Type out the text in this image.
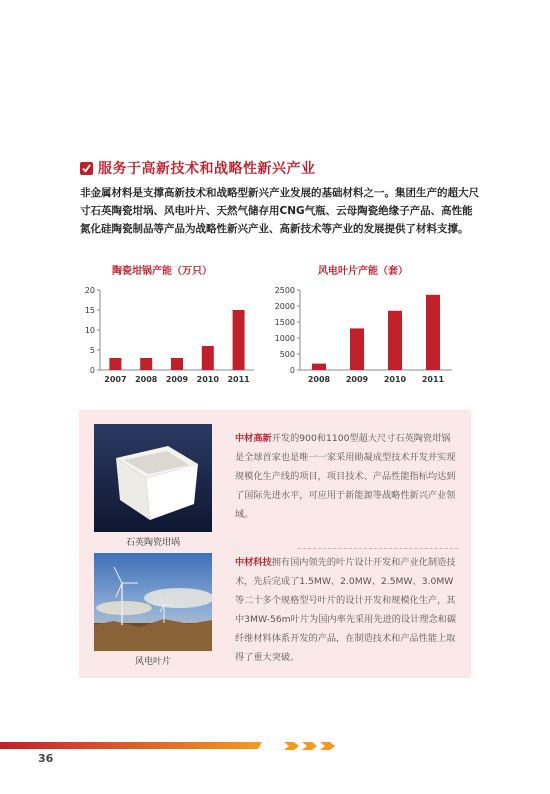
服务于高新技术和战略性新兴产业
非金属材料是支撑高新技术和战略型新兴产业发展的基础材料之一。集团生产的超大尺寸石英陶瓷坩埚、风电叶片、天然气储存用CNG气瓶、云母陶瓷绝缘子产品、高性能氮化硅陶瓷制品等产品为战略性新兴产业、高新技术等产业的发展提供了材料支撑。
陶瓷坩锅产能（万只）
0
5
10
15
20
2007 2008 2009 2010 2011
风电叶片产能（套）
0
500
1000
1500
2000
2500
2008 2009 2010 2011
石英陶瓷坩埚
风电叶片
中材高新开发的900和1100型超大尺寸石英陶瓷坩锅是全球首家也是唯一一家采用勛凝成型技术开发并实现规模化生产线的项目，项目技术、产品性能指标均达到了国际先进水平，可应用于新能源等战略性新兴产业领域。
中材科技拥有国内领先的叶片设计开发和产业化制造技术，先后完成了1.5MW、2.0MW、2.5MW、3.0MW等二十多个规格型号叶片的设计开发和规模化生产，其中3MW-56m叶片为国内率先采用先进的设计理念和碳纤维材料体系开发的产品，在制造技术和产品性能上取得了重大突破。
36
